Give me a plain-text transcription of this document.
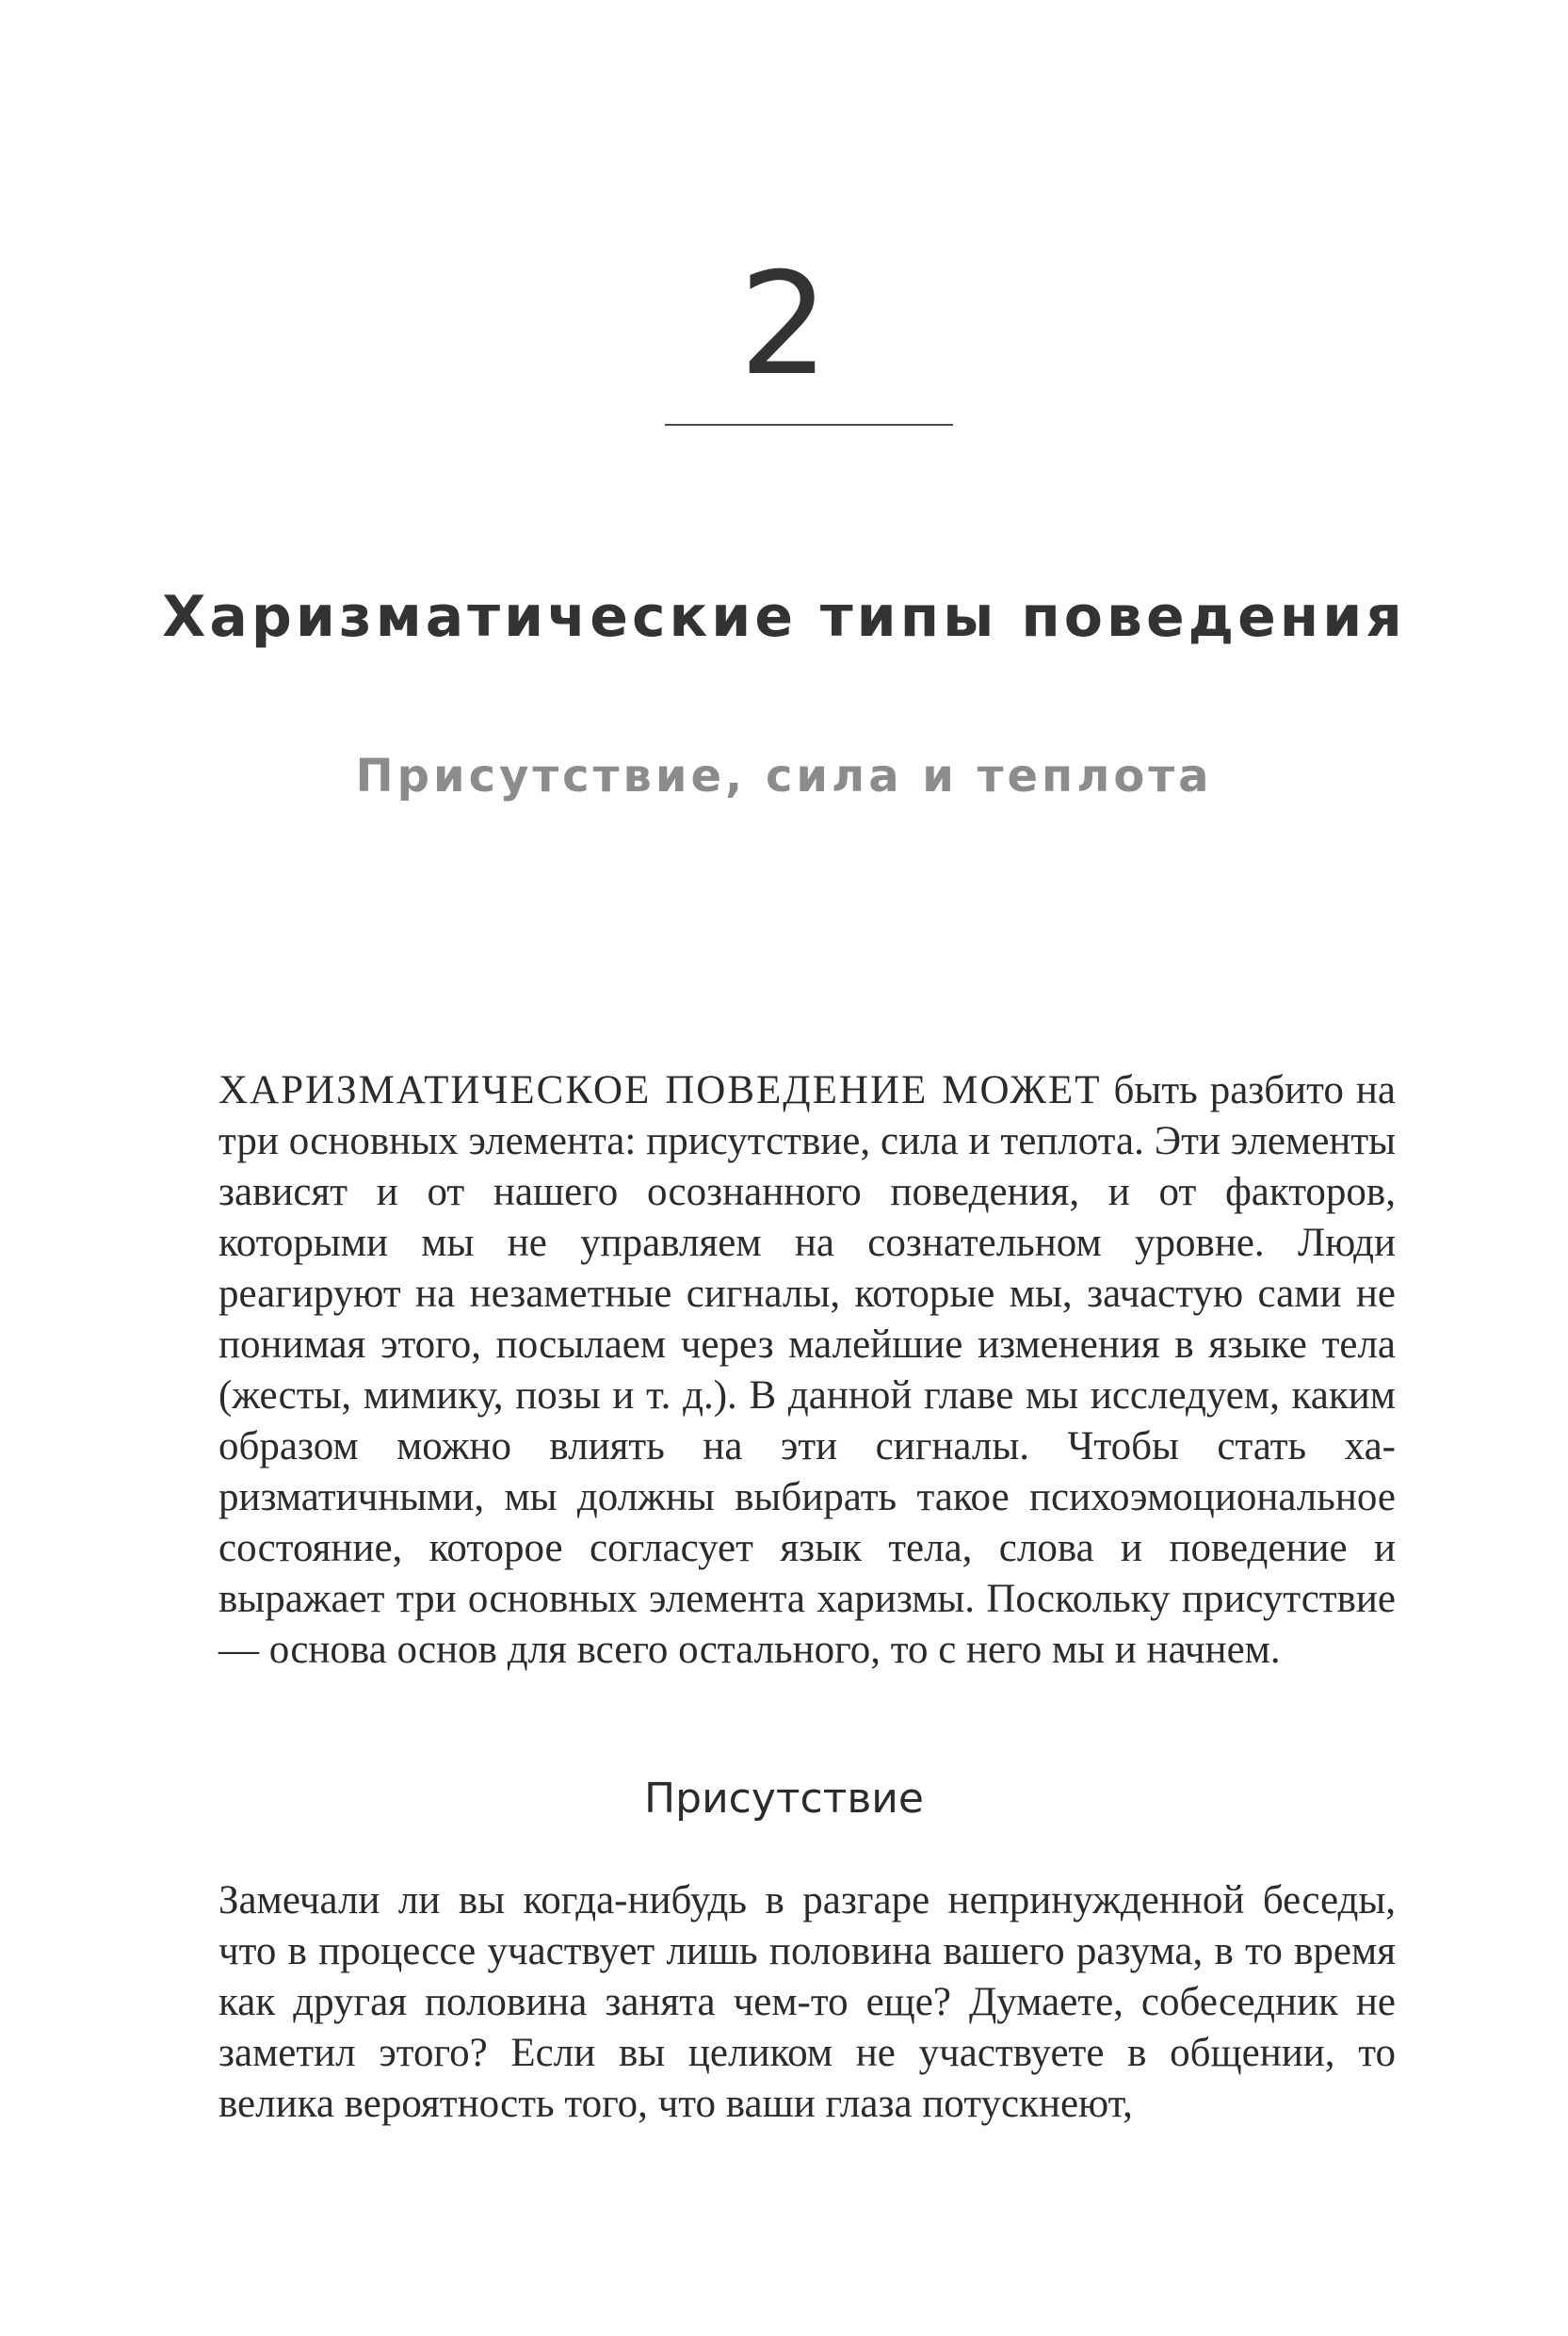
2
Харизматические типы поведения
Присутствие, сила и теплота

ХАРИЗМАТИЧЕСКОЕ ПОВЕДЕНИЕ МОЖЕТ быть разбито на три основных элемента: присутствие, сила и теплота. Эти элементы зависят и от нашего осознанного поведения, и от факторов, которыми мы не управляем на сознательном уровне. Люди реагируют на незаметные сигналы, которые мы, зачастую сами не понимая этого, посылаем через малейшие изменения в языке тела (жесты, мимику, позы и т. д.). В данной главе мы исследуем, каким образом можно влиять на эти сигналы. Чтобы стать харизматичными, мы должны выбирать такое психоэмоциональное состояние, которое согласует язык тела, слова и поведение и выражает три основных элемента харизмы. Поскольку присутствие — основа основ для всего остального, то с него мы и начнем.

Присутствие

Замечали ли вы когда-нибудь в разгаре непринужденной беседы, что в процессе участвует лишь половина вашего разума, в то время как другая половина занята чем-то еще? Думаете, собеседник не заметил этого? Если вы целиком не участвуете в общении, то велика вероятность того, что ваши глаза потускнеют,
